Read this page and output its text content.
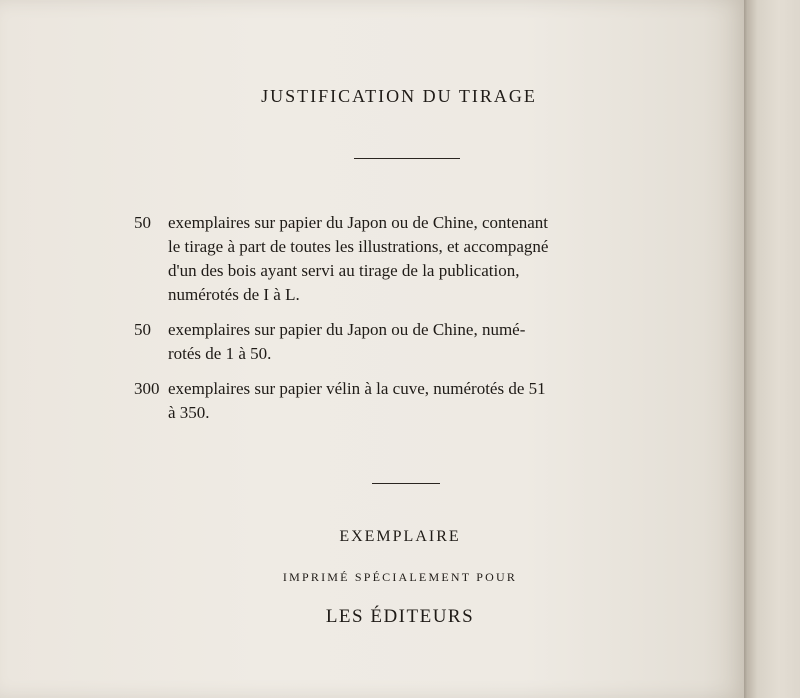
JUSTIFICATION DU TIRAGE
50	exemplaires sur papier du Japon ou de Chine, contenant
le tirage à part de toutes les illustrations, et accompagné
d'un des bois ayant servi au tirage de la publication,
numérotés de I à L.
50	exemplaires sur papier du Japon ou de Chine, numé-
rotés de 1 à 50.
300 exemplaires sur papier vélin à la cuve, numérotés de 51
à 350.
EXEMPLAIRE
IMPRIMÉ SPÉCIALEMENT POUR
LES ÉDITEURS
